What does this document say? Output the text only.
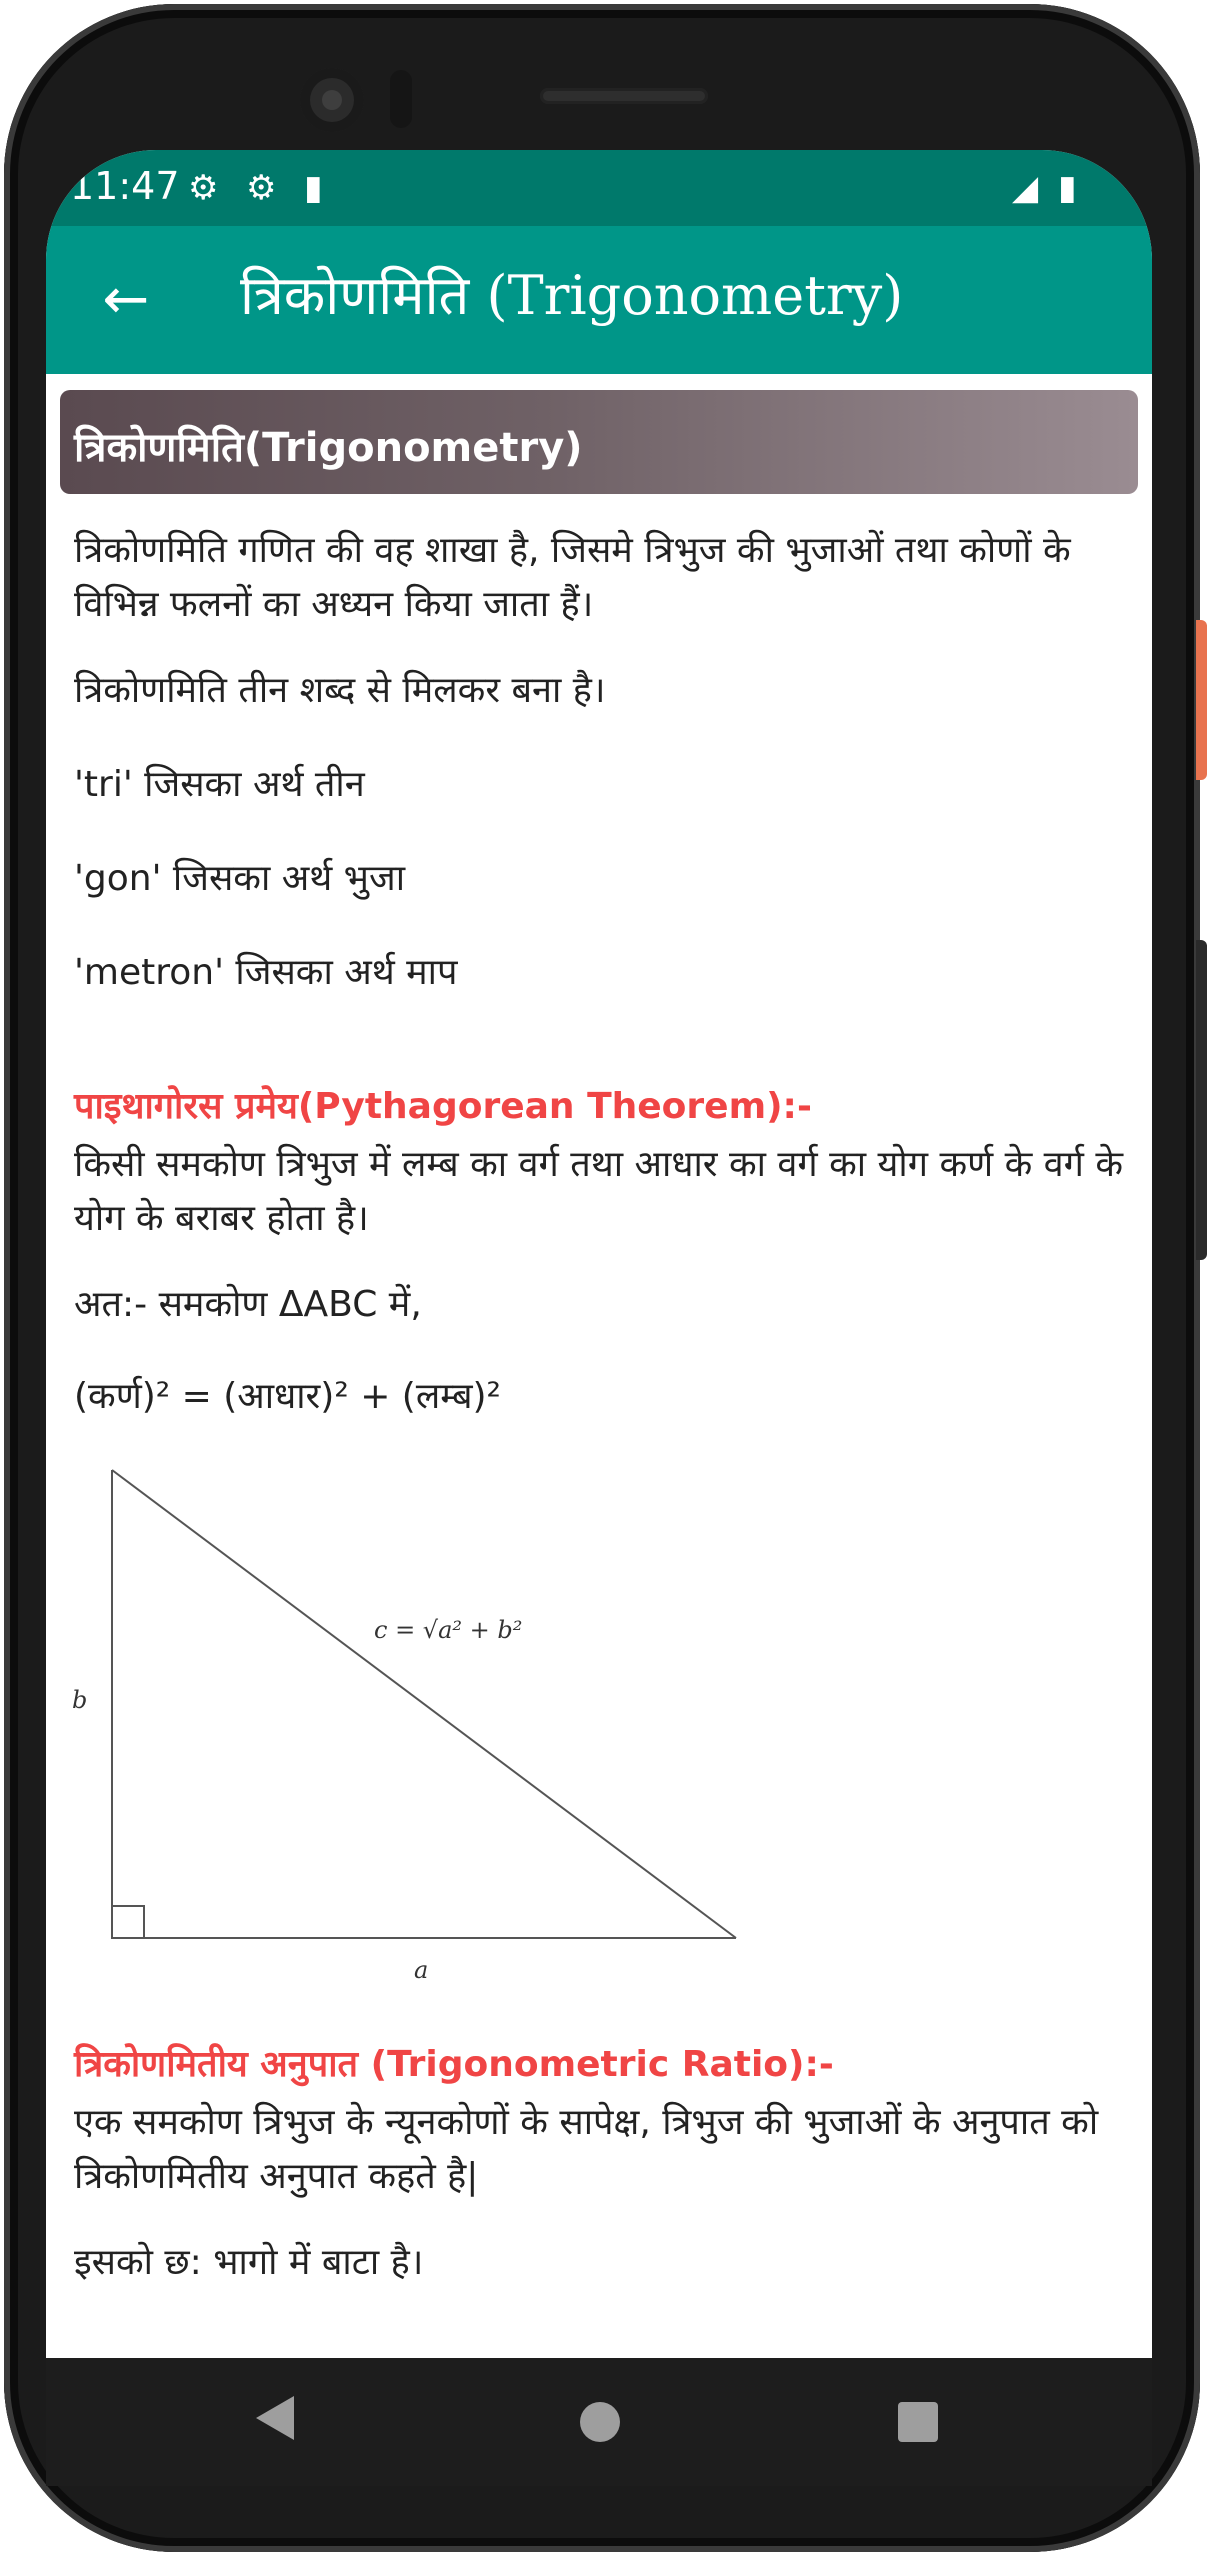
11:47 ⚙ ⚙ ▮	◢ ▮
←	त्रिकोणमिति (Trigonometry)
त्रिकोणमिति(Trigonometry)
त्रिकोणमिति गणित की वह शाखा है, जिसमे त्रिभुज की भुजाओं तथा कोणों के विभिन्न फलनों का अध्यन किया जाता हैं।
त्रिकोणमिति तीन शब्द से मिलकर बना है।
'tri' जिसका अर्थ तीन
'gon' जिसका अर्थ भुजा
'metron' जिसका अर्थ माप
पाइथागोरस प्रमेय(Pythagorean Theorem):-
किसी समकोण त्रिभुज में लम्ब का वर्ग तथा आधार का वर्ग का योग कर्ण के वर्ग के योग के बराबर होता है।
अत:- समकोण ΔABC में,
(कर्ण)² = (आधार)² + (लम्ब)²
b
a
c = √a² + b²
त्रिकोणमितीय अनुपात (Trigonometric Ratio):-
एक समकोण त्रिभुज के न्यूनकोणों के सापेक्ष, त्रिभुज की भुजाओं के अनुपात को त्रिकोणमितीय अनुपात कहते है|
इसको छ: भागो में बाटा है।
